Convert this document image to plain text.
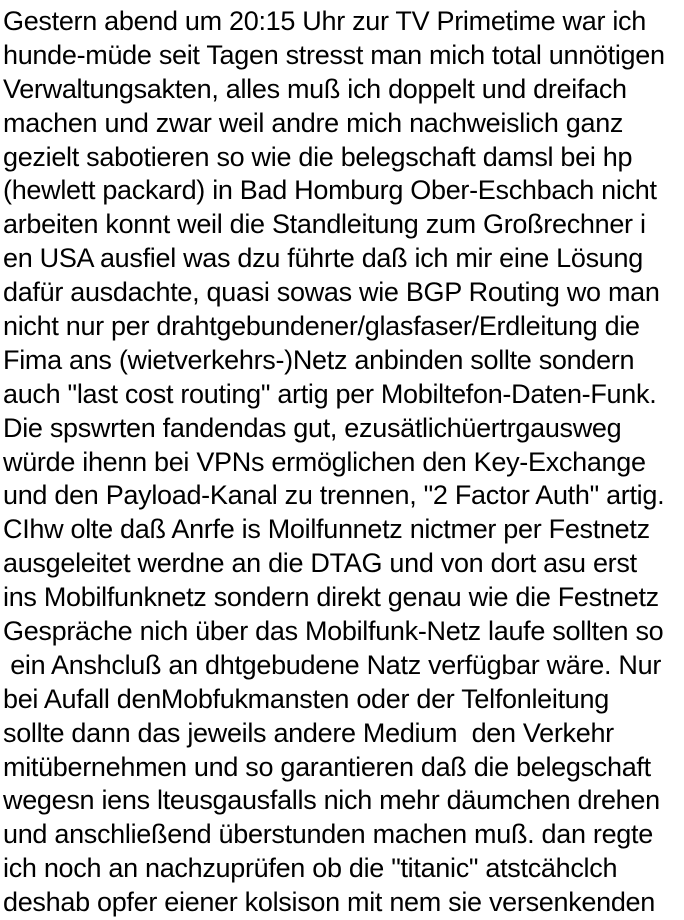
Gestern abend um 20:15 Uhr zur TV Primetime war ich
hunde-müde seit Tagen stresst man mich total unnötigen
Verwaltungsakten, alles muß ich doppelt und dreifach
machen und zwar weil andre mich nachweislich ganz
gezielt sabotieren so wie die belegschaft damsl bei hp
(hewlett packard) in Bad Homburg Ober-Eschbach nicht
arbeiten konnt weil die Standleitung zum Großrechner i
en USA ausfiel was dzu führte daß ich mir eine Lösung
dafür ausdachte, quasi sowas wie BGP Routing wo man
nicht nur per drahtgebundener/glasfaser/Erdleitung die
Fima ans (wietverkehrs-)Netz anbinden sollte sondern
auch "last cost routing" artig per Mobiltefon-Daten-Funk.
Die spswrten fandendas gut, ezusätlichüertrgausweg
würde ihenn bei VPNs ermöglichen den Key-Exchange
und den Payload-Kanal zu trennen, "2 Factor Auth" artig.
CIhw olte daß Anrfe is Moilfunnetz nictmer per Festnetz
ausgeleitet werdne an die DTAG und von dort asu erst
ins Mobilfunknetz sondern direkt genau wie die Festnetz
Gespräche nich über das Mobilfunk-Netz laufe sollten so
ein Anshcluß an dhtgebudene Natz verfügbar wäre. Nur
bei Aufall denMobfukmansten oder der Telfonleitung
sollte dann das jeweils andere Medium  den Verkehr
mitübernehmen und so garantieren daß die belegschaft
wegesn iens lteusgausfalls nich mehr däumchen drehen
und anschließend überstunden machen muß. dan regte
ich noch an nachzuprüfen ob die "titanic" atstcähclch
deshab opfer eiener kolsison mit nem sie versenkenden
